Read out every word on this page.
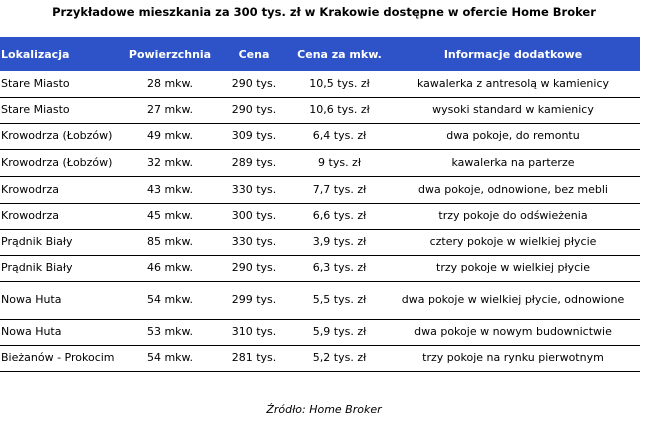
Przykładowe mieszkania za 300 tys. zł w Krakowie dostępne w ofercie Home Broker
Lokalizacja	Powierzchnia	Cena	Cena za mkw.	Informacje dodatkowe
Stare Miasto	28 mkw.	290 tys.	10,5 tys. zł	kawalerka z antresolą w kamienicy
Stare Miasto	27 mkw.	290 tys.	10,6 tys. zł	wysoki standard w kamienicy
Krowodrza (Łobzów)	49 mkw.	309 tys.	6,4 tys. zł	dwa pokoje, do remontu
Krowodrza (Łobzów)	32 mkw.	289 tys.	9 tys. zł	kawalerka na parterze
Krowodrza	43 mkw.	330 tys.	7,7 tys. zł	dwa pokoje, odnowione, bez mebli
Krowodrza	45 mkw.	300 tys.	6,6 tys. zł	trzy pokoje do odświeżenia
Prądnik Biały	85 mkw.	330 tys.	3,9 tys. zł	cztery pokoje w wielkiej płycie
Prądnik Biały	46 mkw.	290 tys.	6,3 tys. zł	trzy pokoje w wielkiej płycie
Nowa Huta	54 mkw.	299 tys.	5,5 tys. zł	dwa pokoje w wielkiej płycie, odnowione
Nowa Huta	53 mkw.	310 tys.	5,9 tys. zł	dwa pokoje w nowym budownictwie
Bieżanów - Prokocim	54 mkw.	281 tys.	5,2 tys. zł	trzy pokoje na rynku pierwotnym
Źródło: Home Broker
